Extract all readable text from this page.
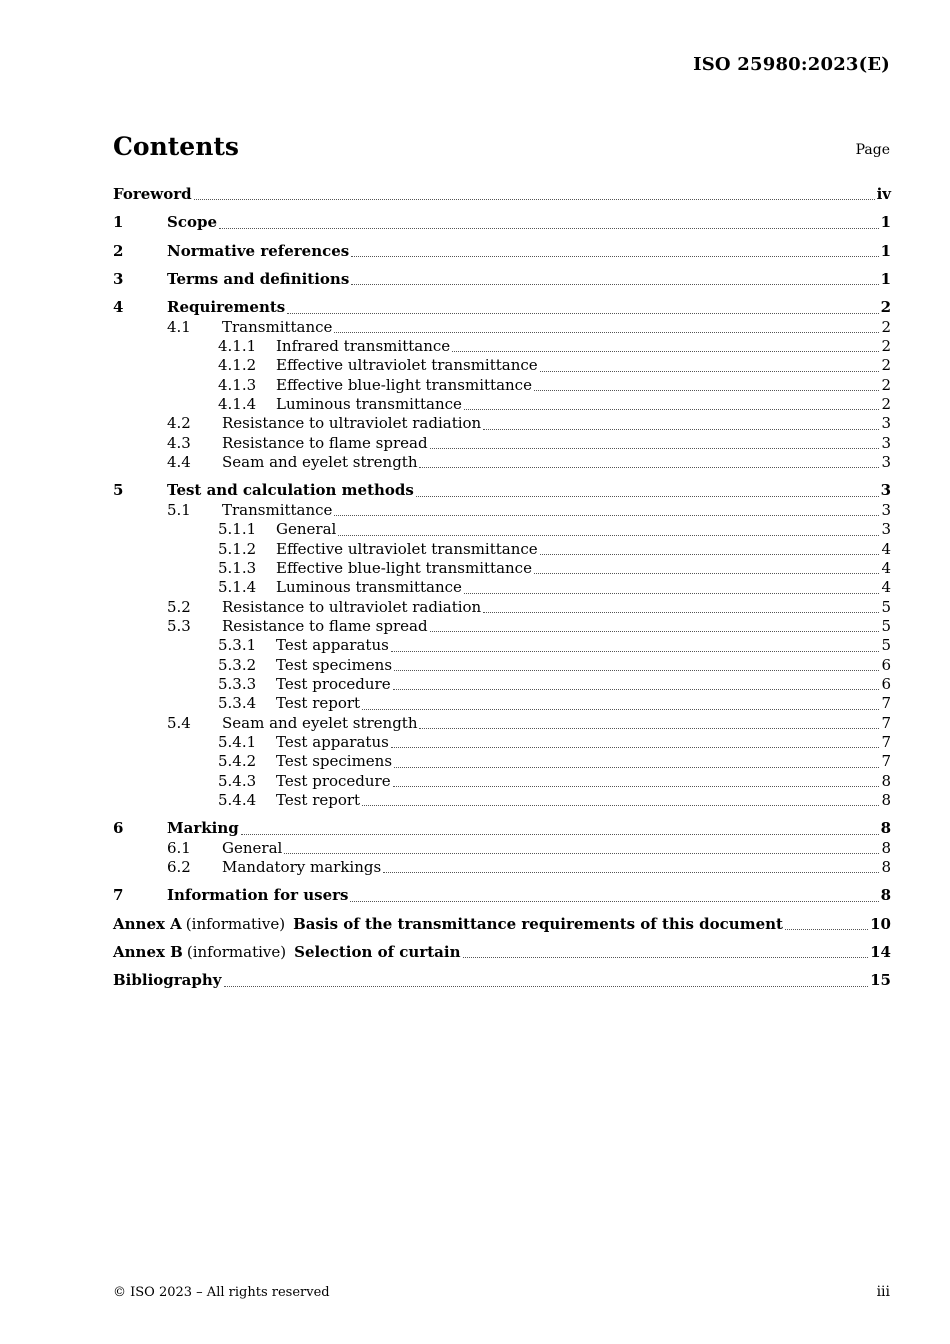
ISO 25980:2023(E)
Contents	Page
Foreword	iv
1	Scope	1
2	Normative references	1
3	Terms and definitions	1
4	Requirements	2
4.1	Transmittance	2
4.1.1	Infrared transmittance	2
4.1.2	Effective ultraviolet transmittance	2
4.1.3	Effective blue-light transmittance	2
4.1.4	Luminous transmittance	2
4.2	Resistance to ultraviolet radiation	3
4.3	Resistance to flame spread	3
4.4	Seam and eyelet strength	3
5	Test and calculation methods	3
5.1	Transmittance	3
5.1.1	General	3
5.1.2	Effective ultraviolet transmittance	4
5.1.3	Effective blue-light transmittance	4
5.1.4	Luminous transmittance	4
5.2	Resistance to ultraviolet radiation	5
5.3	Resistance to flame spread	5
5.3.1	Test apparatus	5
5.3.2	Test specimens	6
5.3.3	Test procedure	6
5.3.4	Test report	7
5.4	Seam and eyelet strength	7
5.4.1	Test apparatus	7
5.4.2	Test specimens	7
5.4.3	Test procedure	8
5.4.4	Test report	8
6	Marking	8
6.1	General	8
6.2	Mandatory markings	8
7	Information for users	8
Annex A (informative) Basis of the transmittance requirements of this document	10
Annex B (informative) Selection of curtain	14
Bibliography	15
© ISO 2023 – All rights reserved	iii
